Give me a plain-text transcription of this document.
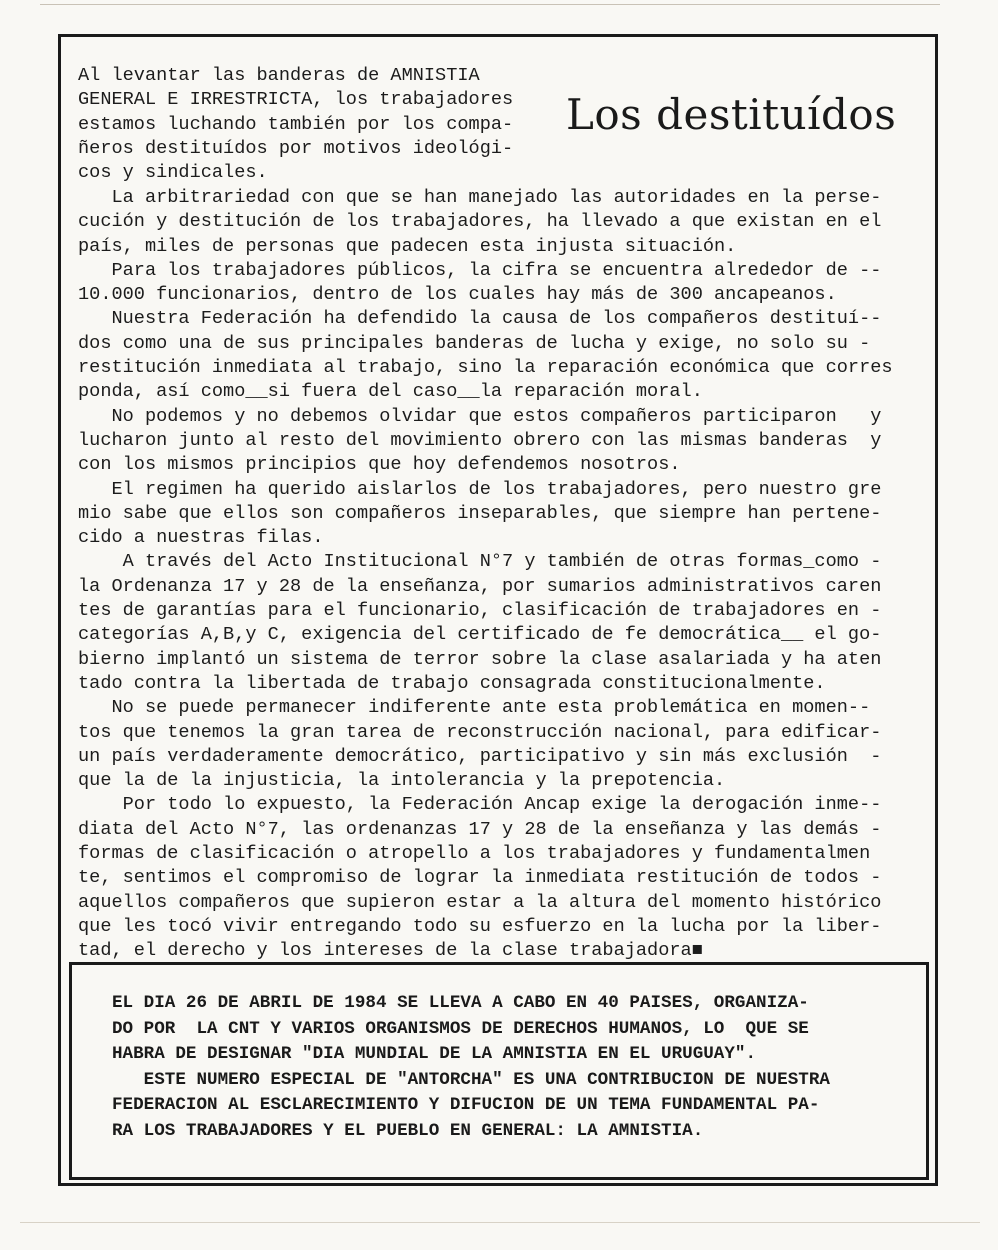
Los destituídos
Al levantar las banderas de AMNISTIA
GENERAL E IRRESTRICTA, los trabajadores
estamos luchando también por los compa-
ñeros destituídos por motivos ideológi-
cos y sindicales.
La arbitrariedad con que se han manejado las autoridades en la perse-
cución y destitución de los trabajadores, ha llevado a que existan en el
país, miles de personas que padecen esta injusta situación.
Para los trabajadores públicos, la cifra se encuentra alrededor de --
10.000 funcionarios, dentro de los cuales hay más de 300 ancapeanos.
Nuestra Federación ha defendido la causa de los compañeros destituí--
dos como una de sus principales banderas de lucha y exige, no solo su -
restitución inmediata al trabajo, sino la reparación económica que corres
ponda, así como__si fuera del caso__la reparación moral.
No podemos y no debemos olvidar que estos compañeros participaron   y
lucharon junto al resto del movimiento obrero con las mismas banderas  y
con los mismos principios que hoy defendemos nosotros.
El regimen ha querido aislarlos de los trabajadores, pero nuestro gre
mio sabe que ellos son compañeros inseparables, que siempre han pertene-
cido a nuestras filas.
A través del Acto Institucional N°7 y también de otras formas_como -
la Ordenanza 17 y 28 de la enseñanza, por sumarios administrativos caren
tes de garantías para el funcionario, clasificación de trabajadores en -
categorías A,B,y C, exigencia del certificado de fe democrática__ el go-
bierno implantó un sistema de terror sobre la clase asalariada y ha aten
tado contra la libertada de trabajo consagrada constitucionalmente.
No se puede permanecer indiferente ante esta problemática en momen--
tos que tenemos la gran tarea de reconstrucción nacional, para edificar-
un país verdaderamente democrático, participativo y sin más exclusión  -
que la de la injusticia, la intolerancia y la prepotencia.
Por todo lo expuesto, la Federación Ancap exige la derogación inme--
diata del Acto N°7, las ordenanzas 17 y 28 de la enseñanza y las demás -
formas de clasificación o atropello a los trabajadores y fundamentalmen
te, sentimos el compromiso de lograr la inmediata restitución de todos -
aquellos compañeros que supieron estar a la altura del momento histórico
que les tocó vivir entregando todo su esfuerzo en la lucha por la liber-
tad, el derecho y los intereses de la clase trabajadora■
EL DIA 26 DE ABRIL DE 1984 SE LLEVA A CABO EN 40 PAISES, ORGANIZA-
DO POR  LA CNT Y VARIOS ORGANISMOS DE DERECHOS HUMANOS, LO  QUE SE
HABRA DE DESIGNAR "DIA MUNDIAL DE LA AMNISTIA EN EL URUGUAY".
ESTE NUMERO ESPECIAL DE "ANTORCHA" ES UNA CONTRIBUCION DE NUESTRA
FEDERACION AL ESCLARECIMIENTO Y DIFUCION DE UN TEMA FUNDAMENTAL PA-
RA LOS TRABAJADORES Y EL PUEBLO EN GENERAL: LA AMNISTIA.
